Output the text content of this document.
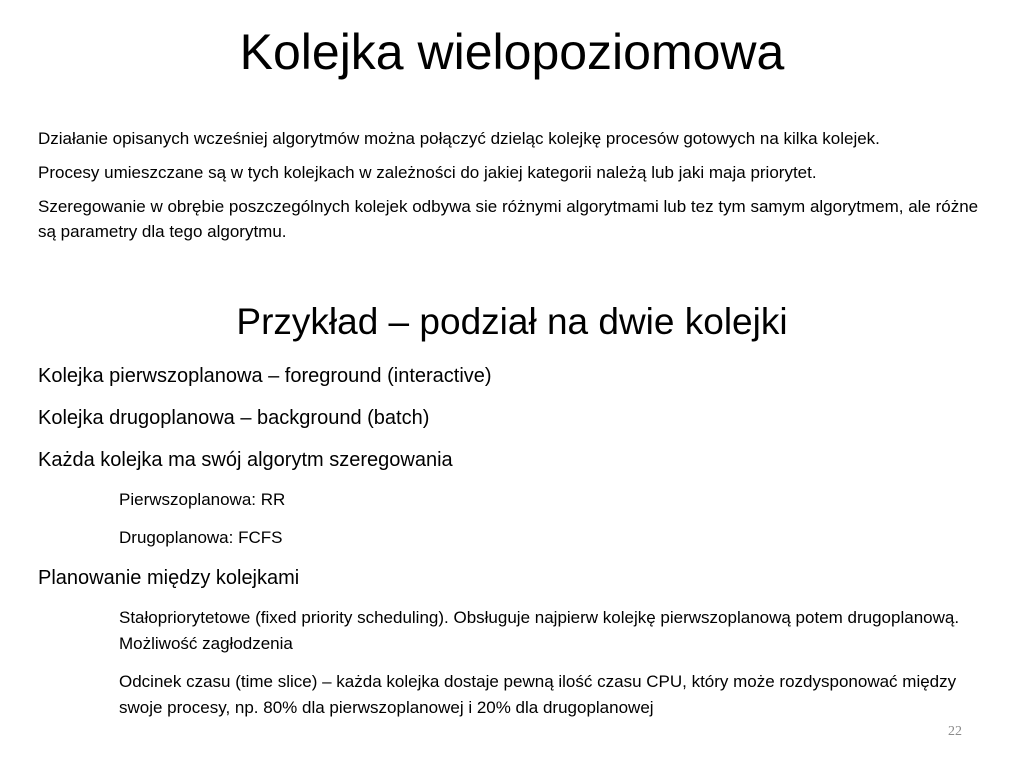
Kolejka wielopoziomowa

Działanie opisanych wcześniej algorytmów można połączyć dzieląc kolejkę procesów gotowych na kilka kolejek.

Procesy umieszczane są w tych kolejkach w zależności do jakiej kategorii należą lub jaki maja priorytet.

Szeregowanie w obrębie poszczególnych kolejek odbywa sie różnymi algorytmami lub tez tym samym algorytmem, ale różne są parametry dla tego algorytmu.

Przykład – podział na dwie kolejki
Kolejka pierwszoplanowa – foreground (interactive)
Kolejka drugoplanowa – background (batch)
Każda kolejka ma swój algorytm szeregowania
Pierwszoplanowa: RR
Drugoplanowa: FCFS
Planowanie między kolejkami
Stałopriorytetowe (fixed priority scheduling). Obsługuje najpierw kolejkę pierwszoplanową potem drugoplanową. Możliwość zagłodzenia
Odcinek czasu (time slice) – każda kolejka dostaje pewną ilość czasu CPU, który może rozdysponować między swoje procesy, np. 80% dla pierwszoplanowej i 20% dla drugoplanowej
22
